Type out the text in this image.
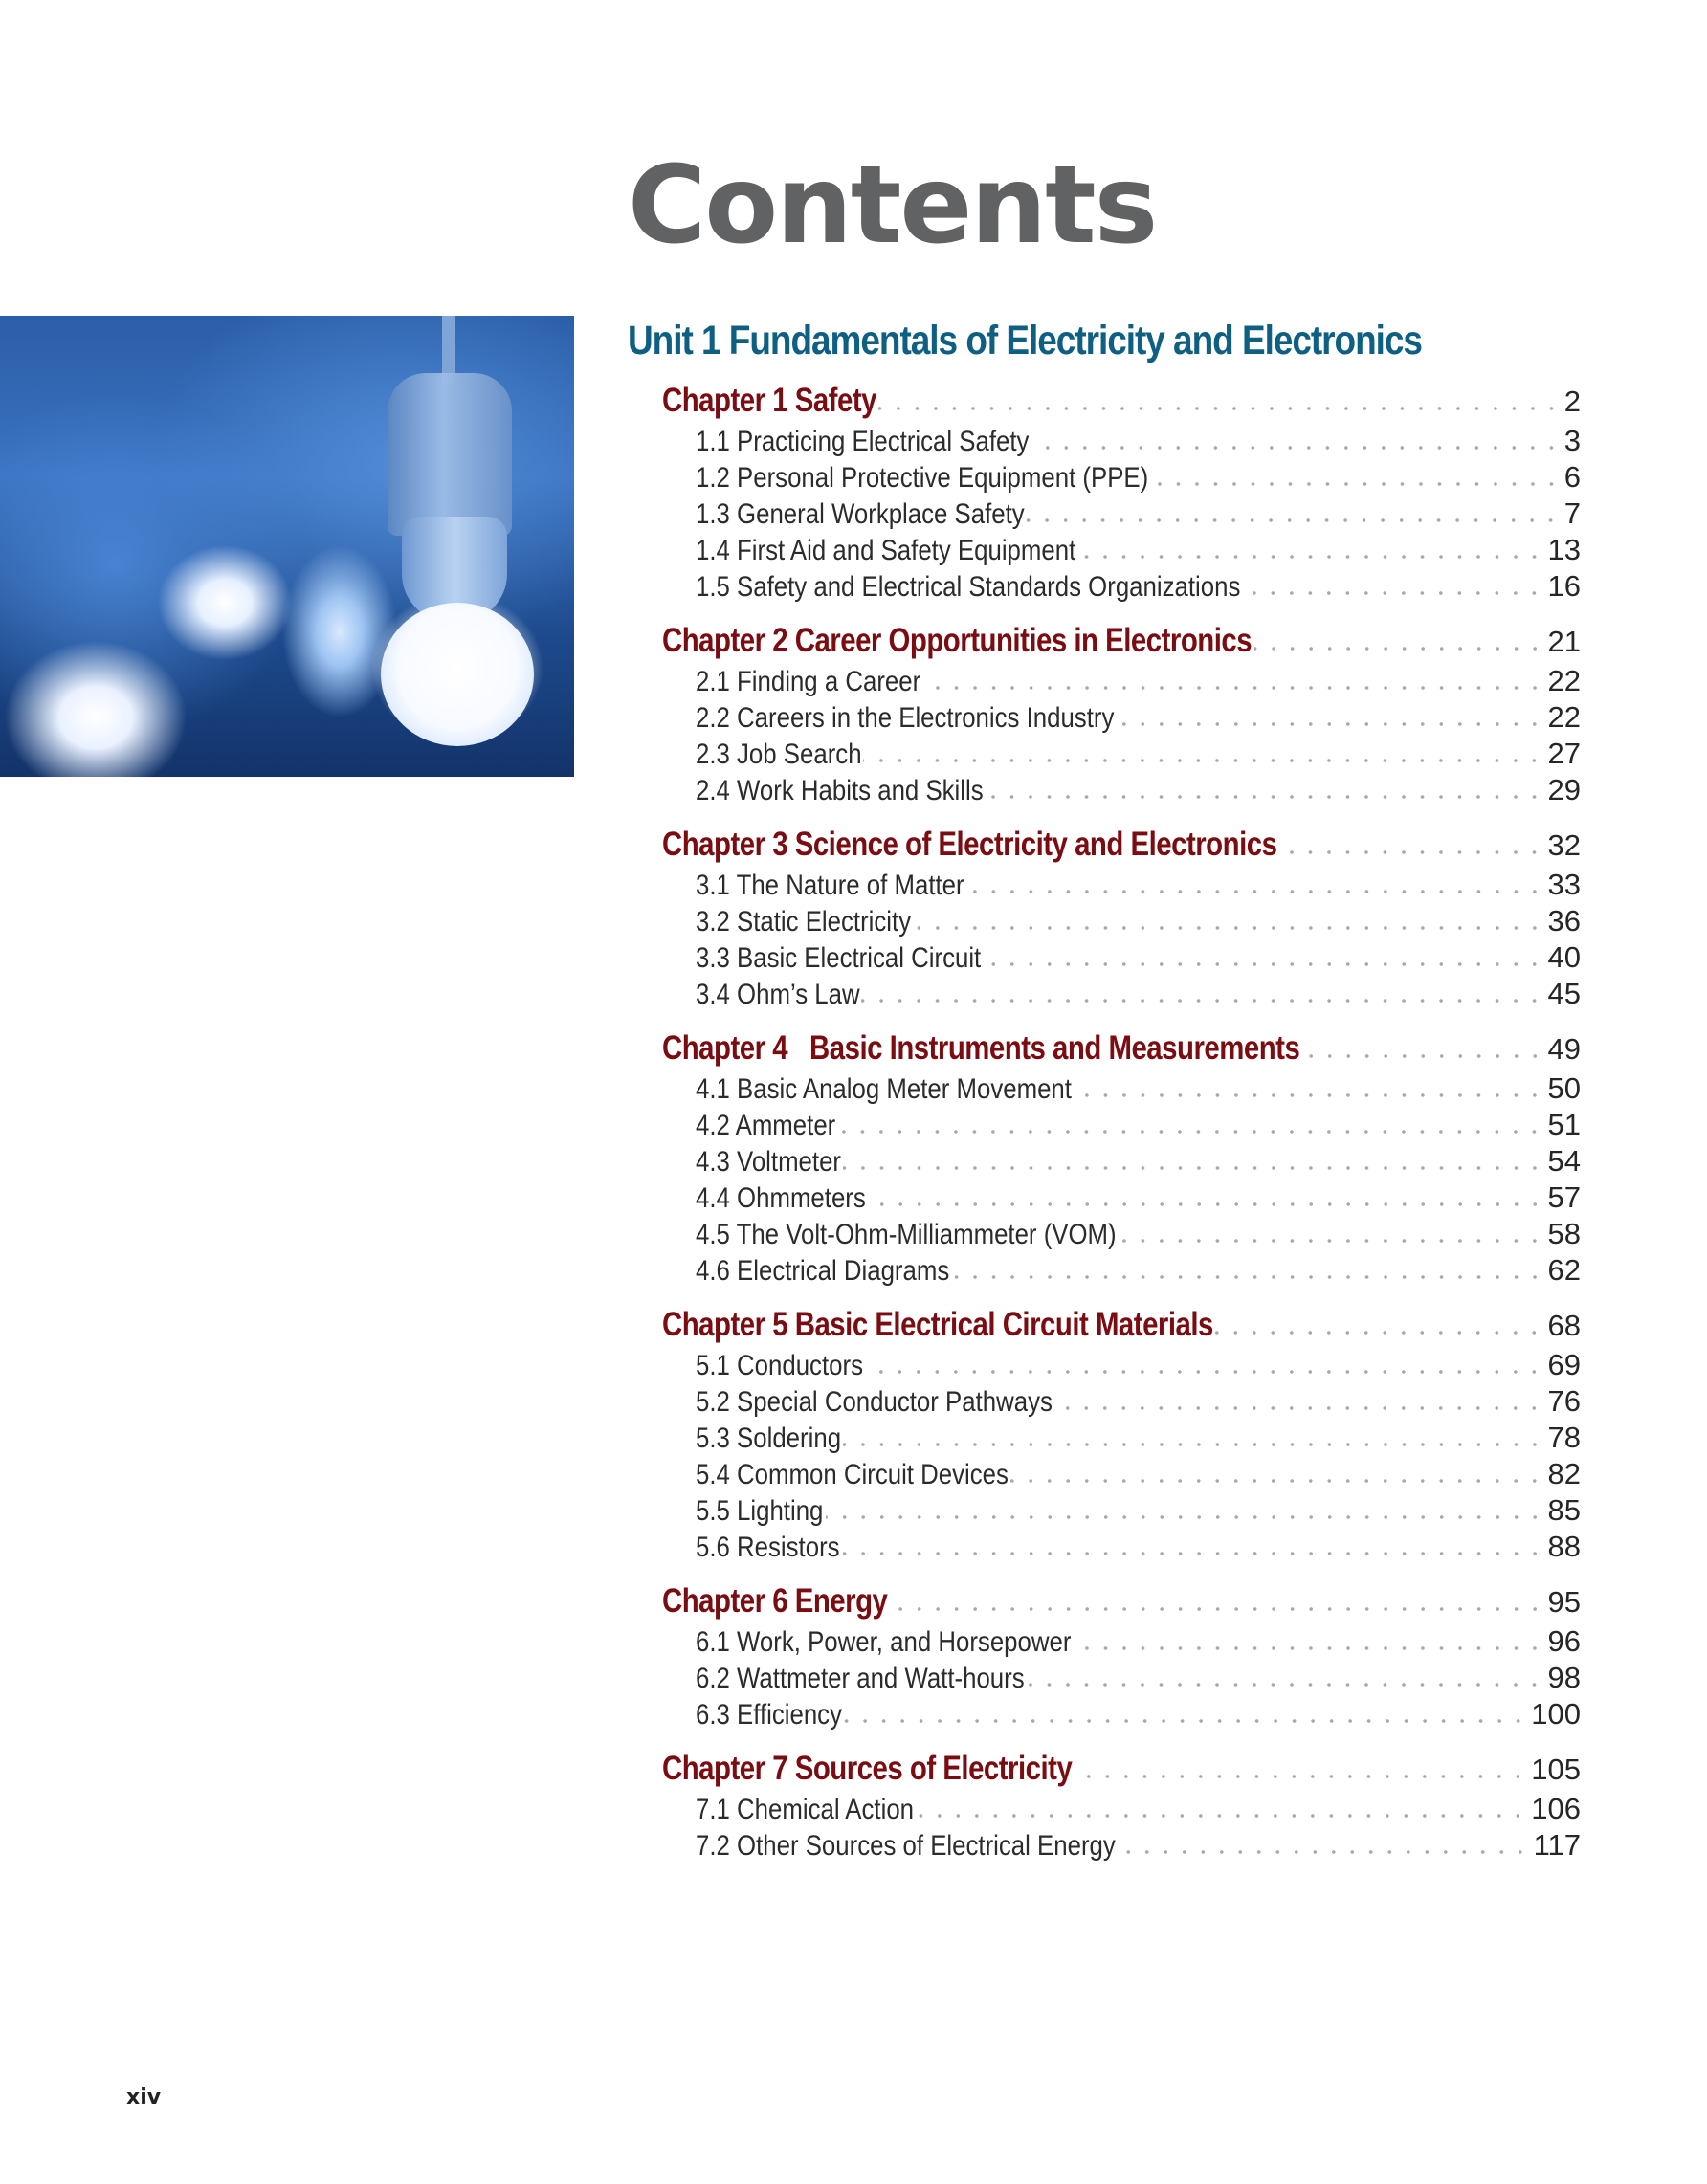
Contents
Unit 1 Fundamentals of Electricity and Electronics
Chapter 1 Safety	2
1.1 Practicing Electrical Safety	3
1.2 Personal Protective Equipment (PPE)	6
1.3 General Workplace Safety	7
1.4 First Aid and Safety Equipment	13
1.5 Safety and Electrical Standards Organizations	16
Chapter 2 Career Opportunities in Electronics	21
2.1 Finding a Career	22
2.2 Careers in the Electronics Industry	22
2.3 Job Search	27
2.4 Work Habits and Skills	29
Chapter 3 Science of Electricity and Electronics	32
3.1 The Nature of Matter	33
3.2 Static Electricity	36
3.3 Basic Electrical Circuit	40
3.4 Ohm’s Law	45
Chapter 4   Basic Instruments and Measurements	49
4.1 Basic Analog Meter Movement	50
4.2 Ammeter	51
4.3 Voltmeter	54
4.4 Ohmmeters	57
4.5 The Volt-Ohm-Milliammeter (VOM)	58
4.6 Electrical Diagrams	62
Chapter 5 Basic Electrical Circuit Materials	68
5.1 Conductors	69
5.2 Special Conductor Pathways	76
5.3 Soldering	78
5.4 Common Circuit Devices	82
5.5 Lighting	85
5.6 Resistors	88
Chapter 6 Energy	95
6.1 Work, Power, and Horsepower	96
6.2 Wattmeter and Watt-hours	98
6.3 Efficiency	100
Chapter 7 Sources of Electricity	105
7.1 Chemical Action	106
7.2 Other Sources of Electrical Energy	117
xiv
